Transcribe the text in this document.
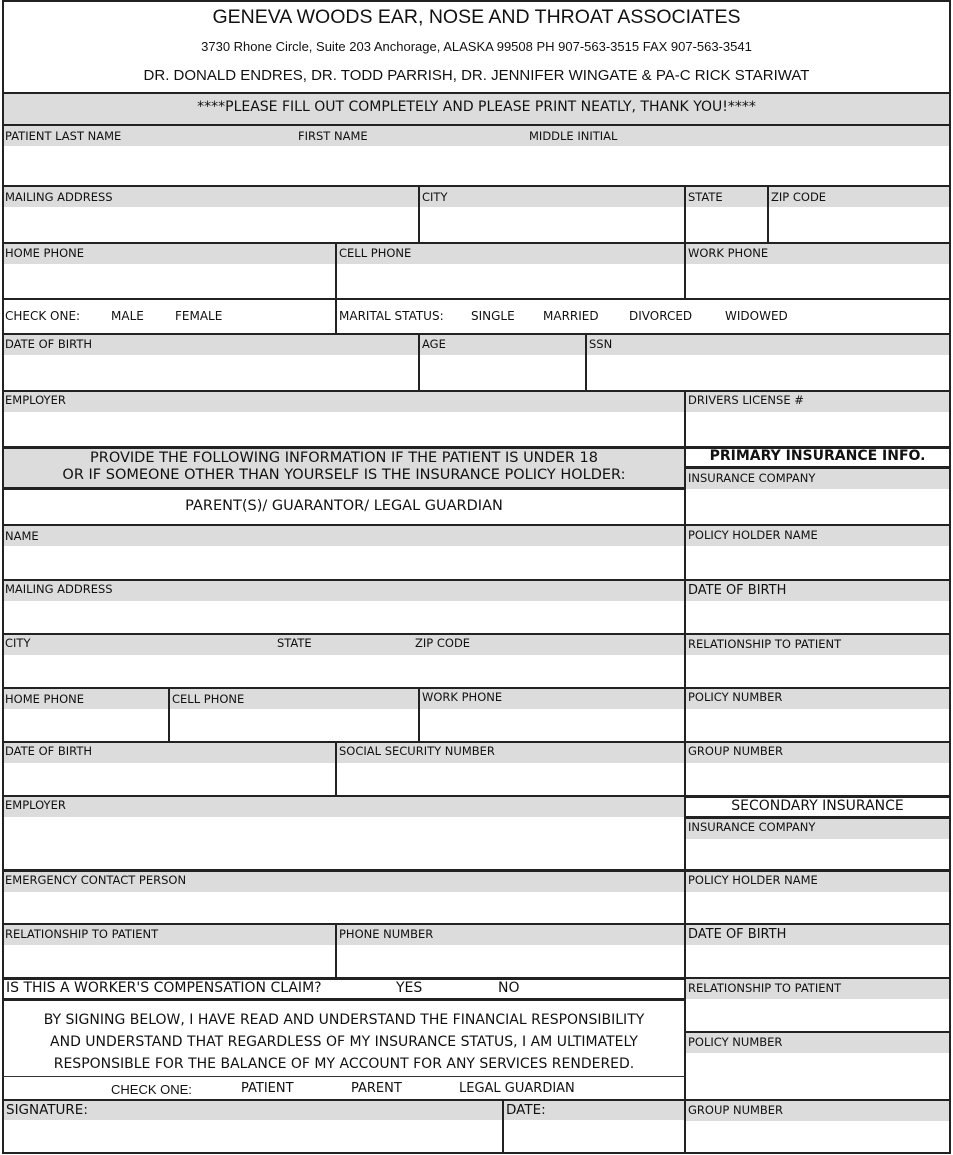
GENEVA WOODS EAR, NOSE AND THROAT ASSOCIATES
3730 Rhone Circle, Suite 203 Anchorage, ALASKA 99508 PH 907-563-3515 FAX 907-563-3541
DR. DONALD ENDRES, DR. TODD PARRISH, DR. JENNIFER WINGATE & PA-C RICK STARIWAT
****PLEASE FILL OUT COMPLETELY AND PLEASE PRINT NEATLY, THANK YOU!****
PATIENT LAST NAME	FIRST NAME	MIDDLE INITIAL
MAILING ADDRESS	CITY	STATE	ZIP CODE
HOME PHONE	CELL PHONE	WORK PHONE
CHECK ONE:	MALE	FEMALE	MARITAL STATUS: SINGLE MARRIED	DIVORCED	WIDOWED
DATE OF BIRTH	AGE	SSN
EMPLOYER	DRIVERS LICENSE #
PROVIDE THE FOLLOWING INFORMATION IF THE PATIENT IS UNDER 18
OR IF SOMEONE OTHER THAN YOURSELF IS THE INSURANCE POLICY HOLDER:
PARENT(S)/ GUARANTOR/ LEGAL GUARDIAN
NAME
MAILING ADDRESS
CITY	STATE	ZIP CODE
HOME PHONE	CELL PHONE	WORK PHONE
DATE OF BIRTH	SOCIAL SECURITY NUMBER
EMPLOYER
EMERGENCY CONTACT PERSON
RELATIONSHIP TO PATIENT	PHONE NUMBER
IS THIS A WORKER'S COMPENSATION CLAIM?	YES	NO
BY SIGNING BELOW, I HAVE READ AND UNDERSTAND THE FINANCIAL RESPONSIBILITY
AND UNDERSTAND THAT REGARDLESS OF MY INSURANCE STATUS, I AM ULTIMATELY
RESPONSIBLE FOR THE BALANCE OF MY ACCOUNT FOR ANY SERVICES RENDERED.
CHECK ONE:	PATIENT	PARENT	LEGAL GUARDIAN
SIGNATURE:	DATE:
PRIMARY INSURANCE INFO.
INSURANCE COMPANY
POLICY HOLDER NAME
DATE OF BIRTH
RELATIONSHIP TO PATIENT
POLICY NUMBER
GROUP NUMBER
SECONDARY INSURANCE
INSURANCE COMPANY
POLICY HOLDER NAME
DATE OF BIRTH
RELATIONSHIP TO PATIENT
POLICY NUMBER
GROUP NUMBER
